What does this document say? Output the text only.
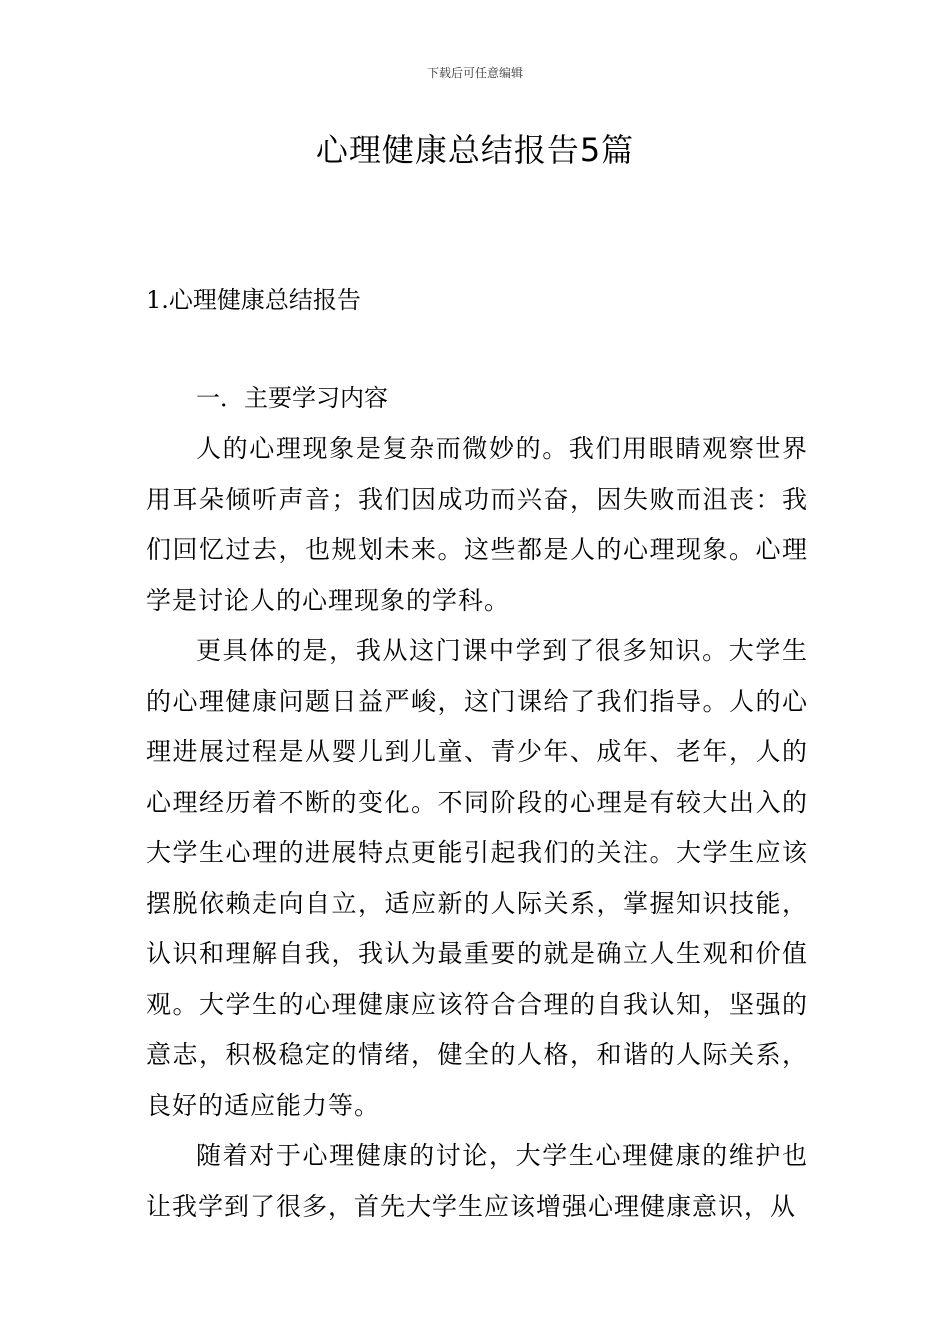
下载后可任意编辑
心理健康总结报告5篇
1.心理健康总结报告
一．主要学习内容

人的心理现象是复杂而微妙的。我们用眼睛观察世界用耳朵倾听声音；我们因成功而兴奋，因失败而沮丧：我们回忆过去，也规划未来。这些都是人的心理现象。心理学是讨论人的心理现象的学科。

更具体的是，我从这门课中学到了很多知识。大学生的心理健康问题日益严峻，这门课给了我们指导。人的心理进展过程是从婴儿到儿童、青少年、成年、老年，人的心理经历着不断的变化。不同阶段的心理是有较大出入的大学生心理的进展特点更能引起我们的关注。大学生应该摆脱依赖走向自立，适应新的人际关系，掌握知识技能，认识和理解自我，我认为最重要的就是确立人生观和价值观。大学生的心理健康应该符合合理的自我认知，坚强的意志，积极稳定的情绪，健全的人格，和谐的人际关系，良好的适应能力等。

随着对于心理健康的讨论，大学生心理健康的维护也让我学到了很多，首先大学生应该增强心理健康意识，从
